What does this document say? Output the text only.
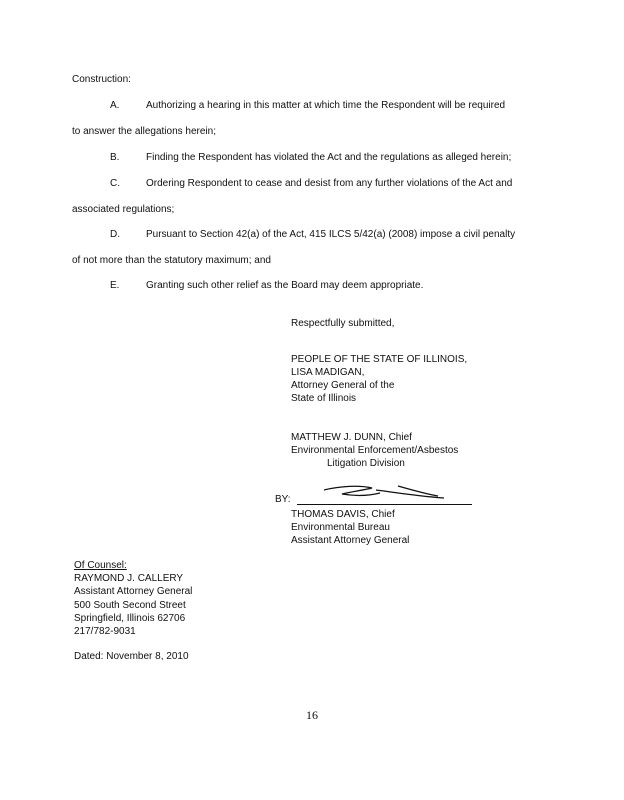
Construction:
A.	Authorizing a hearing in this matter at which time the Respondent will be required
to answer the allegations herein;
B.	Finding the Respondent has violated the Act and the regulations as alleged herein;
C.	Ordering Respondent to cease and desist from any further violations of the Act and
associated regulations;
D.	Pursuant to Section 42(a) of the Act, 415 ILCS 5/42(a) (2008) impose a civil penalty
of not more than the statutory maximum; and
E.	Granting such other relief as the Board may deem appropriate.
Respectfully submitted,
PEOPLE OF THE STATE OF ILLINOIS,
LISA MADIGAN,
Attorney General of the
State of Illinois
MATTHEW J. DUNN, Chief
Environmental Enforcement/Asbestos
Litigation Division
BY:
THOMAS DAVIS, Chief
Environmental Bureau
Assistant Attorney General
Of Counsel:
RAYMOND J. CALLERY
Assistant Attorney General
500 South Second Street
Springfield, Illinois 62706
217/782-9031
Dated: November 8, 2010
16
